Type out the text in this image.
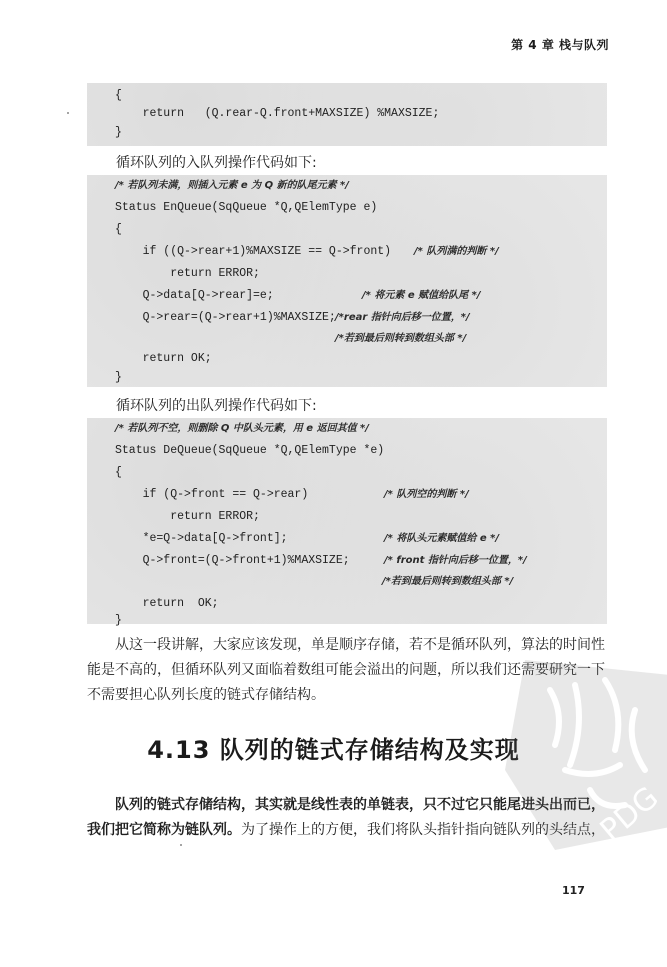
第 4 章 栈与队列
{
return   (Q.rear-Q.front+MAXSIZE) %MAXSIZE;
}
循环队列的入队列操作代码如下:
/* 若队列未满，则插入元素 e 为 Q 新的队尾元素 */
Status EnQueue(SqQueue *Q,QElemType e)
{
if ((Q->rear+1)%MAXSIZE == Q->front) /* 队列满的判断 */
return ERROR;
Q->data[Q->rear]=e;	/* 将元素 e 赋值给队尾 */
Q->rear=(Q->rear+1)%MAXSIZE; /*rear 指针向后移一位置，*/
/*若到最后则转到数组头部 */
return OK;
}
循环队列的出队列操作代码如下:
/* 若队列不空，则删除 Q 中队头元素，用 e 返回其值 */
Status DeQueue(SqQueue *Q,QElemType *e)
{
if (Q->front == Q->rear)	/* 队列空的判断 */
return ERROR;
*e=Q->data[Q->front];	/* 将队头元素赋值给 e */
Q->front=(Q->front+1)%MAXSIZE;	/* front 指针向后移一位置，*/
/*若到最后则转到数组头部 */
return  OK;
}
从这一段讲解，大家应该发现，单是顺序存储，若不是循环队列，算法的时间性能是不高的，但循环队列又面临着数组可能会溢出的问题，所以我们还需要研究一下不需要担心队列长度的链式存储结构。
4.13 队列的链式存储结构及实现
队列的链式存储结构，其实就是线性表的单链表，只不过它只能尾进头出而已，我们把它简称为链队列。为了操作上的方便，我们将队头指针指向链队列的头结点，
117
PDG
